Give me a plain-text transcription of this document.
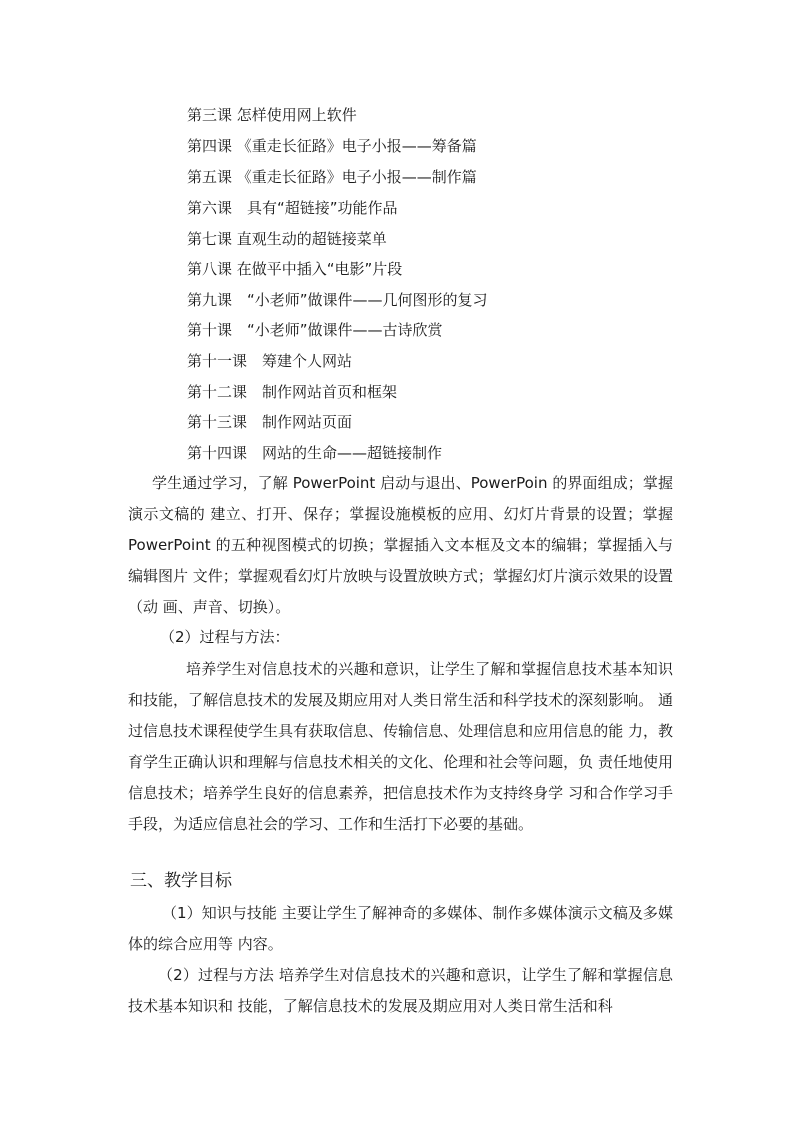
第三课 怎样使用网上软件
第四课 《重走长征路》电子小报——筹备篇
第五课 《重走长征路》电子小报——制作篇
第六课　具有“超链接”功能作品
第七课 直观生动的超链接菜单
第八课 在做平中插入“电影”片段
第九课　“小老师”做课件——几何图形的复习
第十课　“小老师”做课件——古诗欣赏
第十一课　筹建个人网站
第十二课　制作网站首页和框架
第十三课　制作网站页面
第十四课　网站的生命——超链接制作
学生通过学习，了解 PowerPoint 启动与退出、PowerPoin 的界面组成；掌握演示文稿的 建立、打开、保存；掌握设施模板的应用、幻灯片背景的设置；掌握 PowerPoint 的五种视图模式的切换；掌握插入文本框及文本的编辑；掌握插入与编辑图片 文件；掌握观看幻灯片放映与设置放映方式；掌握幻灯片演示效果的设置（动 画、声音、切换）。
（2）过程与方法：
培养学生对信息技术的兴趣和意识，让学生了解和掌握信息技术基本知识 和技能，了解信息技术的发展及期应用对人类日常生活和科学技术的深刻影响。 通过信息技术课程使学生具有获取信息、传输信息、处理信息和应用信息的能 力，教育学生正确认识和理解与信息技术相关的文化、伦理和社会等问题，负 责任地使用信息技术；培养学生良好的信息素养，把信息技术作为支持终身学 习和合作学习手手段，为适应信息社会的学习、工作和生活打下必要的基础。
三、教学目标
（1）知识与技能 主要让学生了解神奇的多媒体、制作多媒体演示文稿及多媒体的综合应用等 内容。
（2）过程与方法 培养学生对信息技术的兴趣和意识，让学生了解和掌握信息技术基本知识和 技能，了解信息技术的发展及期应用对人类日常生活和科
